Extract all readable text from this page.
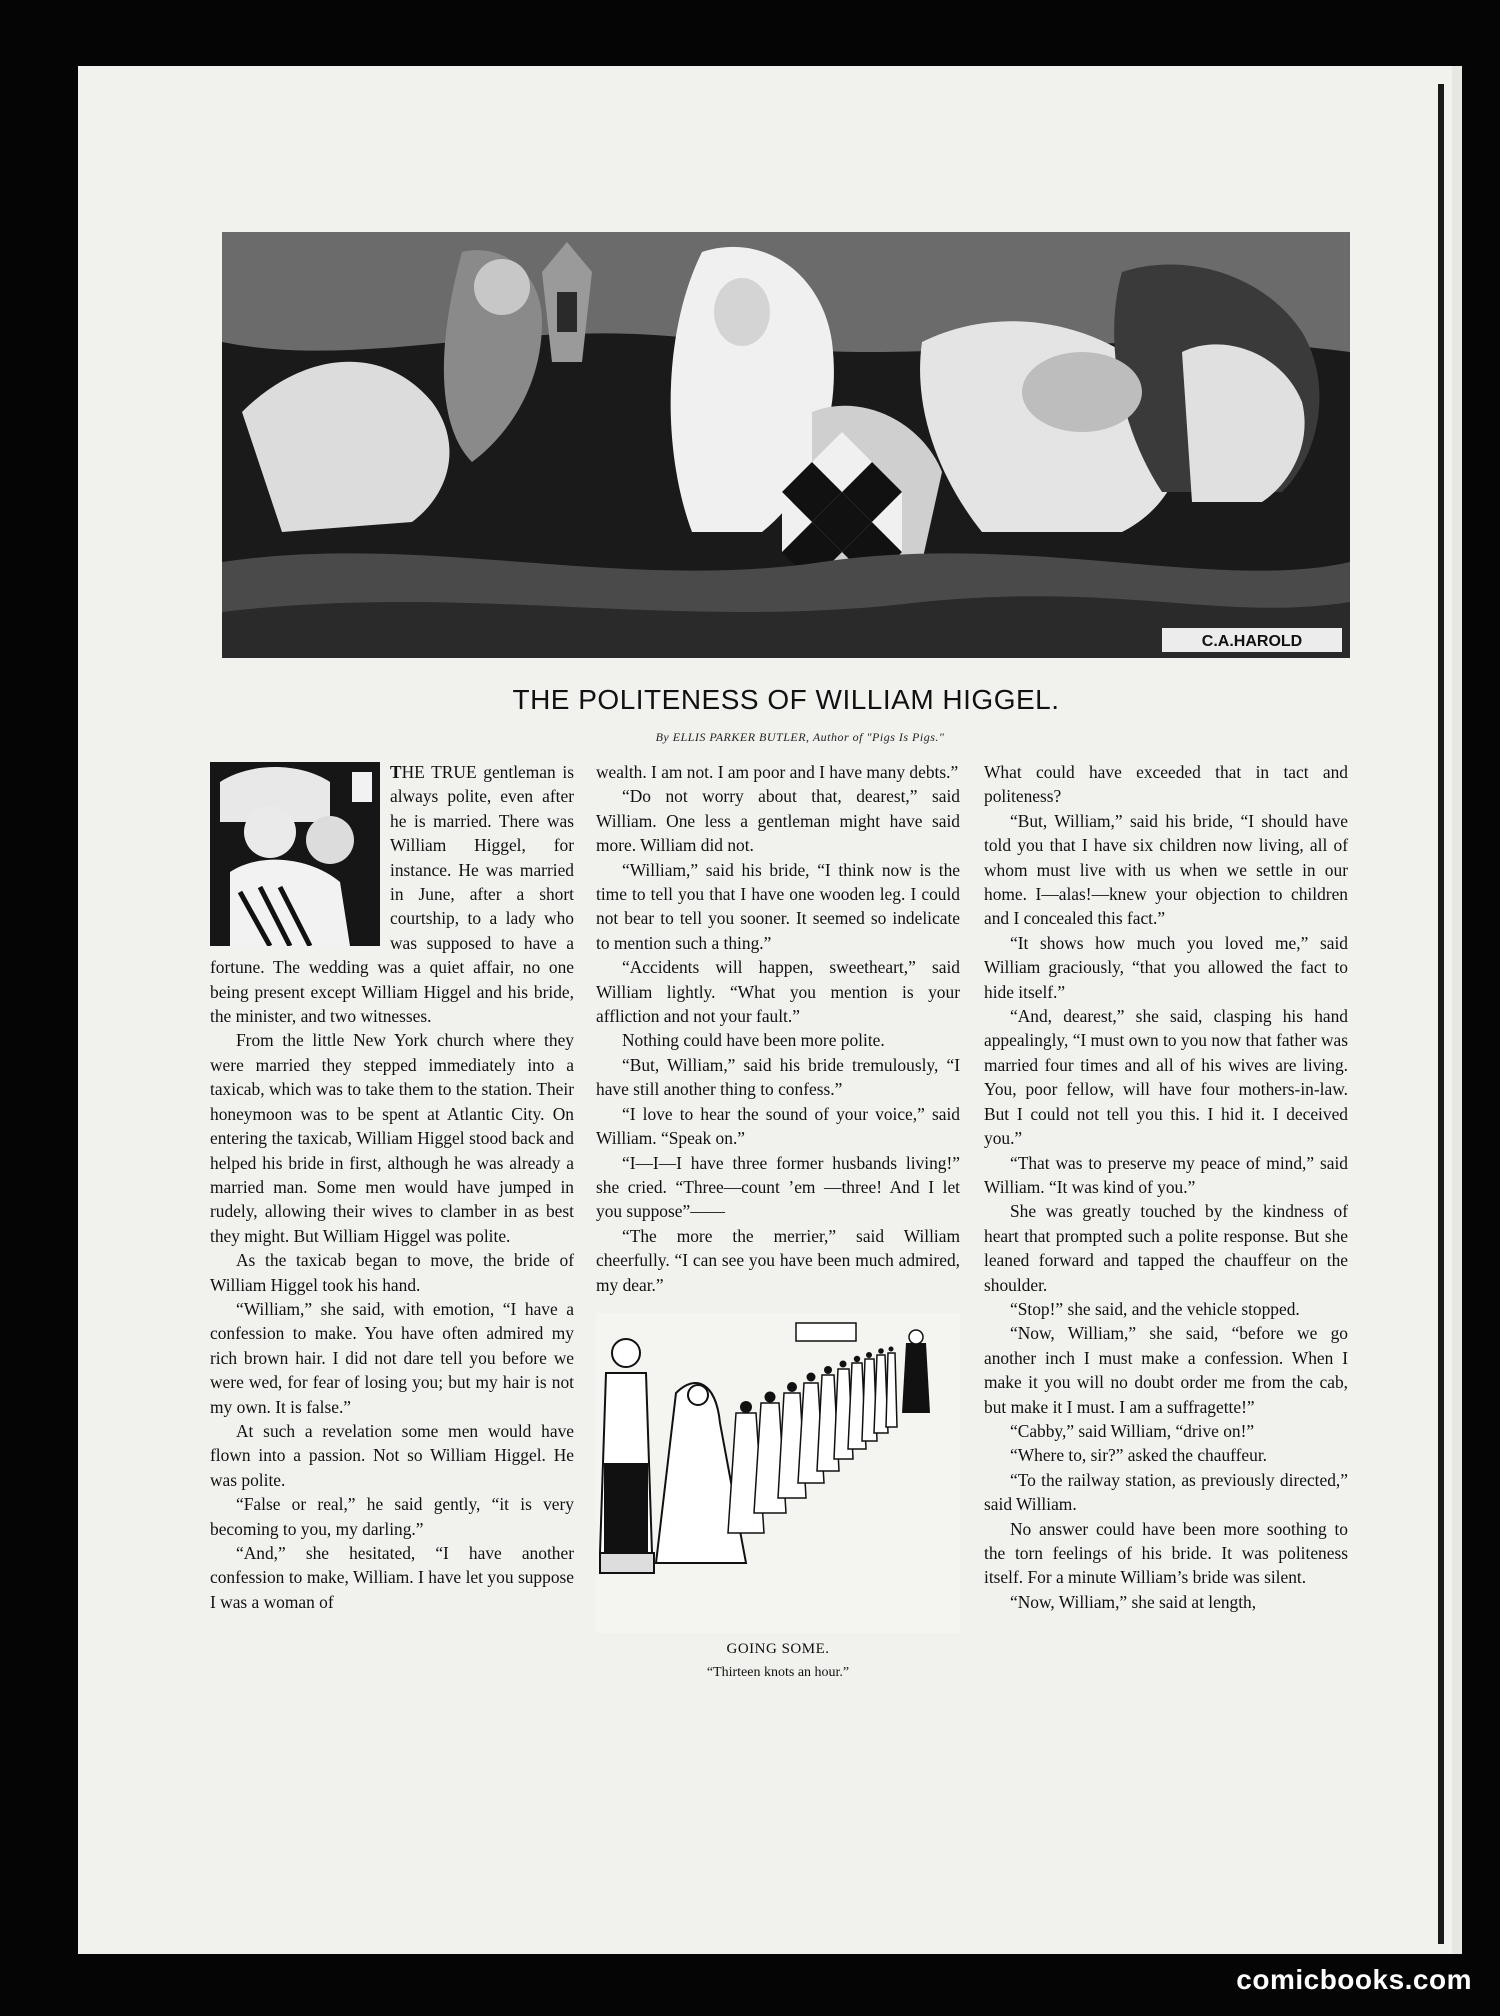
C.A.HAROLD
THE POLITENESS OF WILLIAM HIGGEL.
By ELLIS PARKER BUTLER, Author of "Pigs Is Pigs."

THE TRUE gentleman is always polite, even after he is married. There was William Higgel, for instance. He was married in June, after a short courtship, to a lady who was supposed to have a fortune. The wedding was a quiet affair, no one being present except William Higgel and his bride, the minister, and two witnesses.

From the little New York church where they were married they stepped immediately into a taxicab, which was to take them to the station. Their honeymoon was to be spent at Atlantic City. On entering the taxicab, William Higgel stood back and helped his bride in first, although he was already a married man. Some men would have jumped in rudely, allowing their wives to clamber in as best they might. But William Higgel was polite.

As the taxicab began to move, the bride of William Higgel took his hand.

“William,” she said, with emotion, “I have a confession to make. You have often admired my rich brown hair. I did not dare tell you before we were wed, for fear of losing you; but my hair is not my own. It is false.”

At such a revelation some men would have flown into a passion. Not so William Higgel. He was polite.

“False or real,” he said gently, “it is very becoming to you, my darling.”

“And,” she hesitated, “I have another confession to make, William. I have let you suppose I was a woman of

wealth. I am not. I am poor and I have many debts.”

“Do not worry about that, dearest,” said William. One less a gentleman might have said more. William did not.

“William,” said his bride, “I think now is the time to tell you that I have one wooden leg. I could not bear to tell you sooner. It seemed so indelicate to mention such a thing.”

“Accidents will happen, sweetheart,” said William lightly. “What you mention is your affliction and not your fault.”

Nothing could have been more polite.

“But, William,” said his bride tremulously, “I have still another thing to confess.”

“I love to hear the sound of your voice,” said William. “Speak on.”

“I—I—I have three former husbands living!” she cried. “Three—count ’em —three! And I let you suppose”——

“The more the merrier,” said William cheerfully. “I can see you have been much admired, my dear.”

GOING SOME.
“Thirteen knots an hour.”

What could have exceeded that in tact and politeness?

“But, William,” said his bride, “I should have told you that I have six children now living, all of whom must live with us when we settle in our home. I—alas!—knew your objection to children and I concealed this fact.”

“It shows how much you loved me,” said William graciously, “that you allowed the fact to hide itself.”

“And, dearest,” she said, clasping his hand appealingly, “I must own to you now that father was married four times and all of his wives are living. You, poor fellow, will have four mothers-in-law. But I could not tell you this. I hid it. I deceived you.”

“That was to preserve my peace of mind,” said William. “It was kind of you.”

She was greatly touched by the kindness of heart that prompted such a polite response. But she leaned forward and tapped the chauffeur on the shoulder.

“Stop!” she said, and the vehicle stopped.

“Now, William,” she said, “before we go another inch I must make a confession. When I make it you will no doubt order me from the cab, but make it I must. I am a suffragette!”

“Cabby,” said William, “drive on!”

“Where to, sir?” asked the chauffeur.

“To the railway station, as previously directed,” said William.

No answer could have been more soothing to the torn feelings of his bride. It was politeness itself. For a minute William’s bride was silent.

“Now, William,” she said at length,

comicbooks.com
